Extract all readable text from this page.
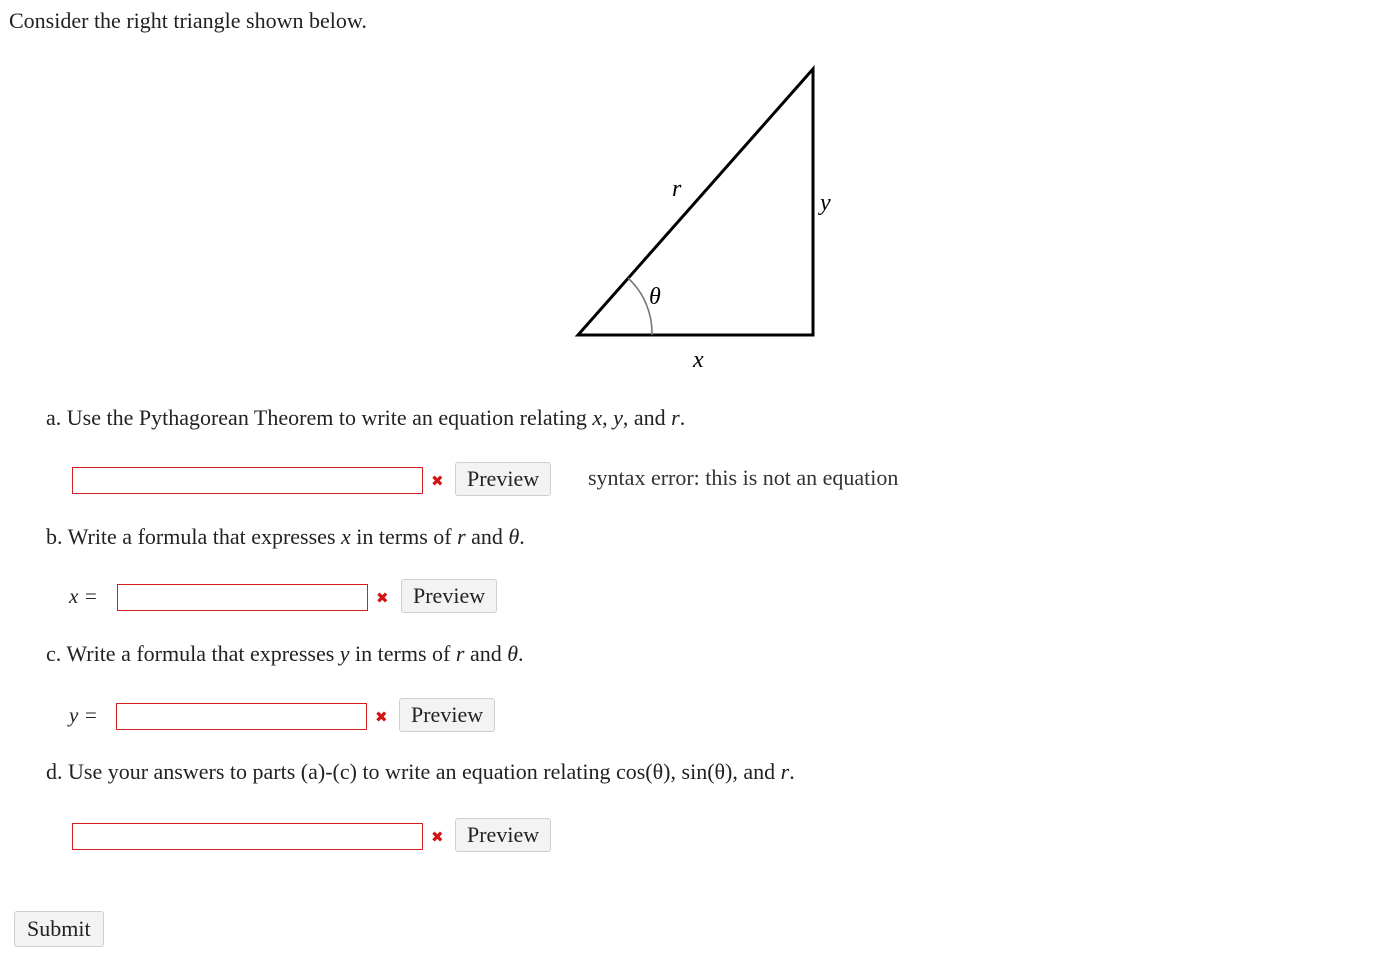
Consider the right triangle shown below.
r
y
θ
x
a. Use the Pythagorean Theorem to write an equation relating x, y, and r.
✖	Preview	syntax error: this is not an equation
b. Write a formula that expresses x in terms of r and θ.
x =	✖	Preview
c. Write a formula that expresses y in terms of r and θ.
y =	✖	Preview
d. Use your answers to parts (a)-(c) to write an equation relating cos(θ), sin(θ), and r.
✖	Preview
Submit
